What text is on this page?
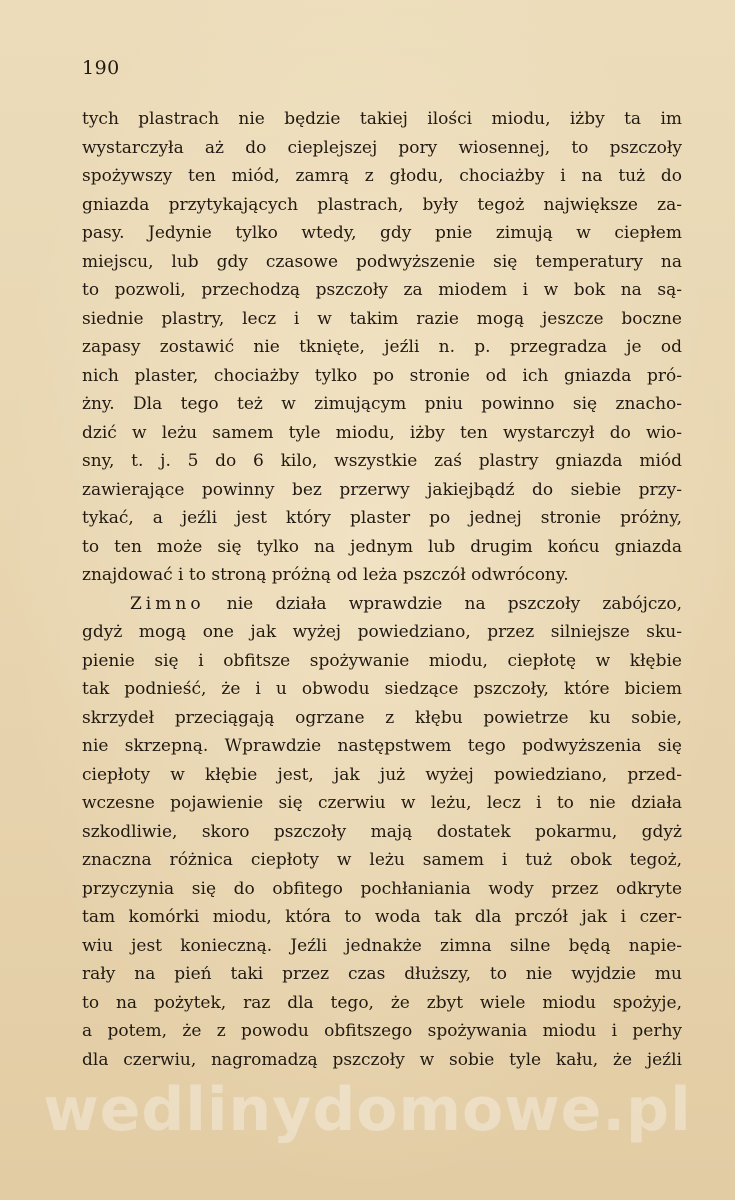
190
tych plastrach nie będzie takiej ilości miodu, iżby ta im
wystarczyła aż do cieplejszej pory wiosennej, to pszczoły
spożywszy ten miód, zamrą z głodu, chociażby i na tuż do
gniazda przytykających plastrach, były tegoż największe za-
pasy. Jedynie tylko wtedy, gdy pnie zimują w ciepłem
miejscu, lub gdy czasowe podwyższenie się temperatury na
to pozwoli, przechodzą pszczoły za miodem i w bok na są-
siednie plastry, lecz i w takim razie mogą jeszcze boczne
zapasy zostawić nie tknięte, jeźli n. p. przegradza je od
nich plaster, chociażby tylko po stronie od ich gniazda pró-
żny. Dla tego też w zimującym pniu powinno się znacho-
dzić w leżu samem tyle miodu, iżby ten wystarczył do wio-
sny, t. j. 5 do 6 kilo, wszystkie zaś plastry gniazda miód
zawierające powinny bez przerwy jakiejbądź do siebie przy-
tykać, a jeźli jest który plaster po jednej stronie próżny,
to ten może się tylko na jednym lub drugim końcu gniazda
znajdować i to stroną próżną od leża pszczół odwrócony.
Zimno nie działa wprawdzie na pszczoły zabójczo,
gdyż mogą one jak wyżej powiedziano, przez silniejsze sku-
pienie się i obfitsze spożywanie miodu, ciepłotę w kłębie
tak podnieść, że i u obwodu siedzące pszczoły, które biciem
skrzydeł przeciągają ogrzane z kłębu powietrze ku sobie,
nie skrzepną. Wprawdzie następstwem tego podwyższenia się
ciepłoty w kłębie jest, jak już wyżej powiedziano, przed-
wczesne pojawienie się czerwiu w leżu, lecz i to nie działa
szkodliwie, skoro pszczoły mają dostatek pokarmu, gdyż
znaczna różnica ciepłoty w leżu samem i tuż obok tegoż,
przyczynia się do obfitego pochłaniania wody przez odkryte
tam komórki miodu, która to woda tak dla prczół jak i czer-
wiu jest konieczną. Jeźli jednakże zimna silne będą napie-
rały na pień taki przez czas dłuższy, to nie wyjdzie mu
to na pożytek, raz dla tego, że zbyt wiele miodu spożyje,
a potem, że z powodu obfitszego spożywania miodu i perhy
dla czerwiu, nagromadzą pszczoły w sobie tyle kału, że jeźli
wedlinydomowe.pl
